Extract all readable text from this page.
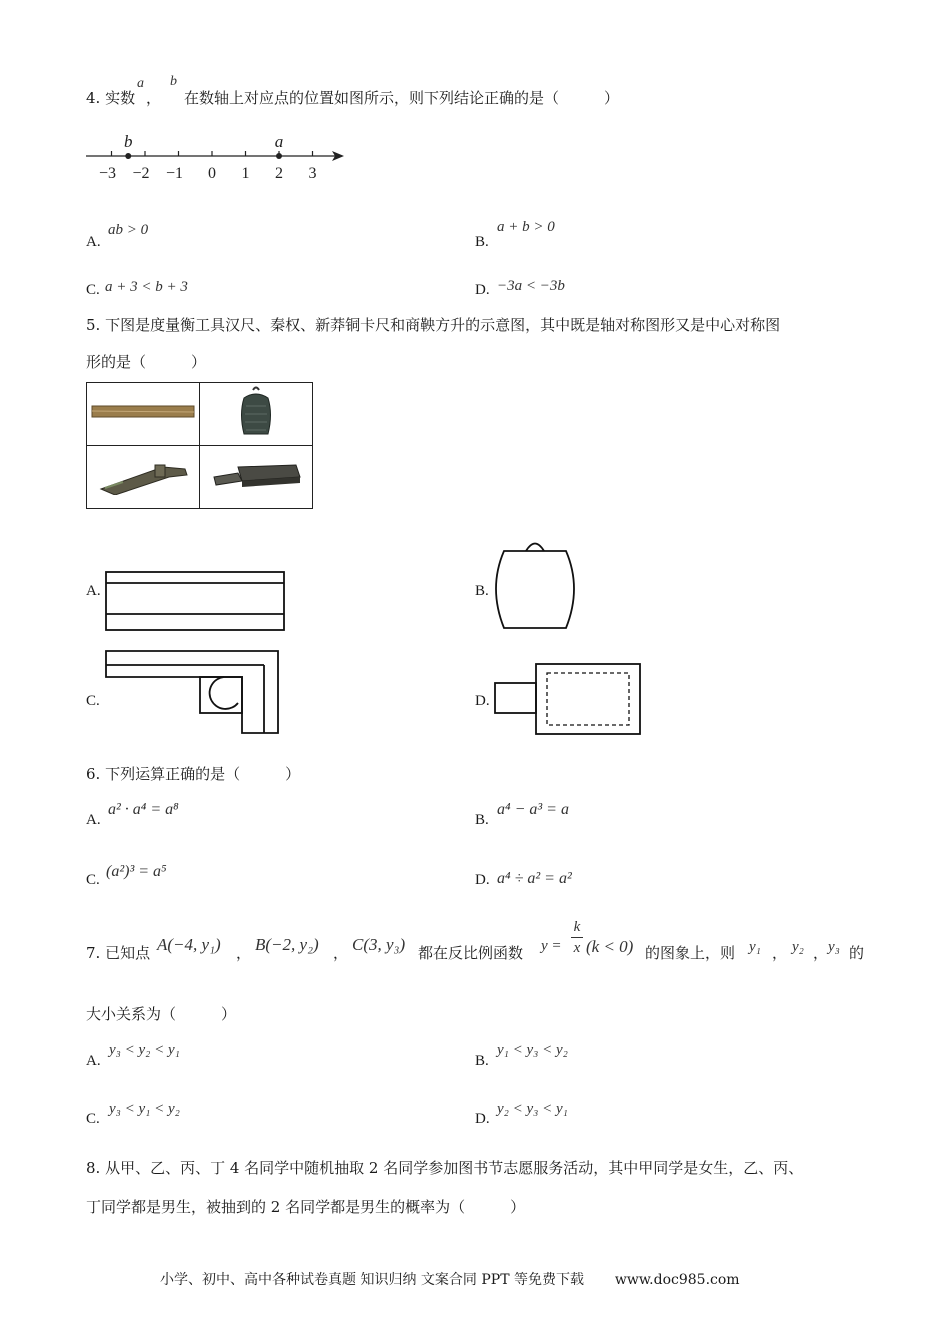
4. 实数
a
，
b
在数轴上对应点的位置如图所示，则下列结论正确的是（　　　）
−3 −2 −1 0 1 2 3
b	a
A.
ab > 0
B.
a + b > 0
C. a + 3 < b + 3	D. −3a < −3b
5. 下图是度量衡工具汉尺、秦权、新莽铜卡尺和商鞅方升的示意图，其中既是轴对称图形又是中心对称图
形的是（　　　）

A.	B.
C.	D.
6. 下列运算正确的是（　　　）
A.
a² · a⁴ = a⁸
B.
a⁴ − a³ = a
C. (a²)³ = a⁵	D. a⁴ ÷ a² = a²
7. 已知点 A(−4, y₁) ， B(−2, y₂) ， C(3, y₃) 都在反比例函数 y =
k
x (k < 0) 的图象上，则 y₁ ， y₂ ， y₃ 的
大小关系为（　　　）
A.
y₃ < y₂ < y₁
B.
y₁ < y₃ < y₂
C.
y₃ < y₁ < y₂
D.
y₂ < y₃ < y₁
8. 从甲、乙、丙、丁 4 名同学中随机抽取 2 名同学参加图书节志愿服务活动，其中甲同学是女生，乙、丙、
丁同学都是男生，被抽到的 2 名同学都是男生的概率为（　　　）
小学、初中、高中各种试卷真题 知识归纳 文案合同 PPT 等免费下载 www.doc985.com
